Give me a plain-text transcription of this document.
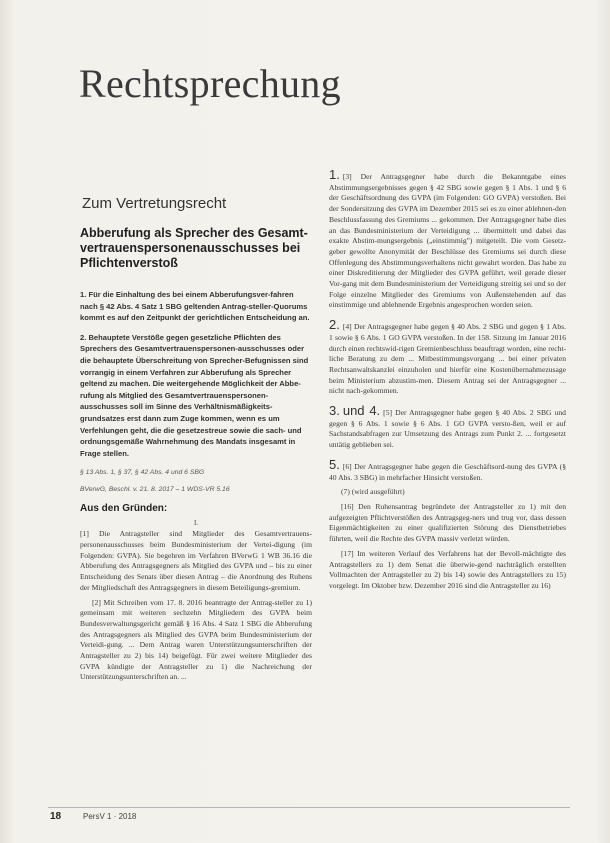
Rechtsprechung
Zum Vertretungsrecht
Abberufung als Sprecher des Gesamt-vertrauenspersonenausschusses bei Pflichtenverstoß

1. Für die Einhaltung des bei einem Abberufungsver-fahren nach § 42 Abs. 4 Satz 1 SBG geltenden Antrag-steller-Quorums kommt es auf den Zeitpunkt der gerichtlichen Entscheidung an.

2. Behauptete Verstöße gegen gesetzliche Pflichten des Sprechers des Gesamtvertrauenspersonen-ausschusses oder die behauptete Überschreitung von Sprecher-Befugnissen sind vorrangig in einem Verfahren zur Abberufung als Sprecher geltend zu machen. Die weitergehende Möglichkeit der Abbe-rufung als Mitglied des Gesamtvertrauenspersonen-ausschusses soll im Sinne des Verhältnismäßigkeits-grundsatzes erst dann zum Zuge kommen, wenn es um Verfehlungen geht, die die gesetzestreue sowie die sach- und ordnungsgemäße Wahrnehmung des Mandats insgesamt in Frage stellen.

§ 13 Abs. 1, § 37, § 42 Abs. 4 und 6 SBG

BVerwG, Beschl. v. 21. 8. 2017 – 1 WDS-VR 5.16

Aus den Gründen:
I.

[1] Die Antragsteller sind Mitglieder des Gesamtvertrauens-personenausschusses beim Bundesministerium der Vertei-digung (im Folgenden: GVPA). Sie begehren im Verfahren BVerwG 1 WB 36.16 die Abberufung des Antragsgegners als Mitglied des GVPA und – bis zu einer Entscheidung des Senats über diesen Antrag – die Anordnung des Ruhens der Mitgliedschaft des Antragsgegners in diesem Beteiligungs-gremium.

[2] Mit Schreiben vom 17. 8. 2016 beantragte der Antrag-steller zu 1) gemeinsam mit weiteren sechzehn Mitgliedern des GVPA beim Bundesverwaltungsgericht gemäß § 16 Abs. 4 Satz 1 SBG die Abberufung des Antragsgegners als Mitglied des GVPA beim Bundesministerium der Verteidi-gung. ... Dem Antrag waren Unterstützungsunterschriften der Antragsteller zu 2) bis 14) beigefügt. Für zwei weitere Mitglieder des GVPA kündigte der Antragsteller zu 1) die Nachreichung der Unterstützungsunterschriften an. ...

1. [3] Der Antragsgegner habe durch die Bekanntgabe eines Abstimmungsergebnisses gegen § 42 SBG sowie gegen § 1 Abs. 1 und § 6 der Geschäftsordnung des GVPA (im Folgenden: GO GVPA) verstoßen. Bei der Sondersitzung des GVPA im Dezember 2015 sei es zu einer ablehnen-den Beschlussfassung des Gremiums ... gekommen. Der Antragsgegner habe dies an das Bundesministerium der Verteidigung ... übermittelt und dabei das exakte Abstim-mungsergebnis („einstimmig") mitgeteilt. Die vom Gesetz-geber gewollte Anonymität der Beschlüsse des Gremiums sei durch diese Offenlegung des Abstimmungsverhaltens nicht gewahrt worden. Das habe zu einer Diskreditierung der Mitglieder des GVPA geführt, weil gerade dieser Vor-gang mit dem Bundesministerium der Verteidigung streitig sei und so der Folge einzelne Mitglieder des Gremiums von Außenstehenden auf das einstimmige und ablehnende Ergebnis angesprochen worden seien.

2. [4] Der Antragsgegner habe gegen § 40 Abs. 2 SBG und gegen § 1 Abs. 1 sowie § 6 Abs. 1 GO GVPA verstoßen. In der 158. Sitzung im Januar 2016 durch einen rechtswid-rigen Gremienbeschluss beauftragt worden, eine recht-liche Beratung zu dem ... Mitbestimmungsvorgang ... bei einer privaten Rechtsanwaltskanzlei einzuholen und hierfür eine Kostenübernahmezusage beim Ministerium abzustim-men. Diesem Antrag sei der Antragsgegner ... nicht nach-gekommen.

3. und 4. [5] Der Antragsgegner habe gegen § 40 Abs. 2 SBG und gegen § 6 Abs. 1 sowie § 6 Abs. 1 GO GVPA versto-ßen, weil er auf Sachstandsabfragen zur Umsetzung des Antrags zum Punkt 2. ... fortgesetzt untätig geblieben sei.

5. [6] Der Antragsgegner habe gegen die Geschäftsord-nung des GVPA (§ 40 Abs. 3 SBG) in mehrfacher Hinsicht verstoßen.

(7) (wird ausgeführt)

[16] Den Ruhensantrag begründete der Antragsteller zu 1) mit den aufgezeigten Pflichtverstößen des Antragsgeg-ners und trug vor, dass dessen Eigenmächtigkeiten zu einer qualifizierten Störung des Dienstbetriebes führten, weil die Rechte des GVPA massiv verletzt würden.

[17] Im weiteren Verlauf des Verfahrens hat der Bevoll-mächtigte des Antragstellers zu 1) dem Senat die überwie-gend nachträglich erstellten Vollmachten der Antragsteller zu 2) bis 14) sowie des Antragstellers zu 15) vorgelegt. Im Oktober bzw. Dezember 2016 sind die Antragsteller zu 16)

18	PersV 1 · 2018
